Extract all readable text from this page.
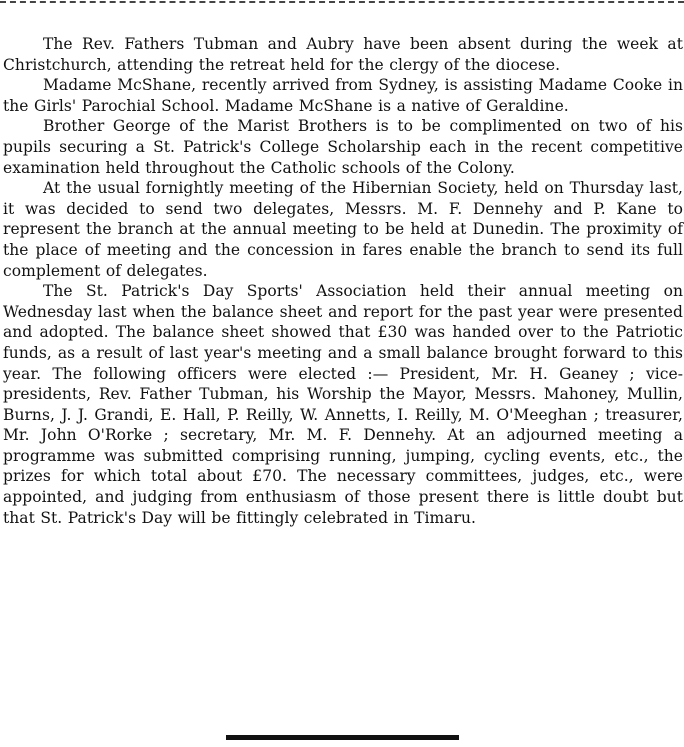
The Rev. Fathers Tubman and Aubry have been absent during the week at Christchurch, attending the retreat held for the clergy of the diocese.

Madame McShane, recently arrived from Sydney, is assisting Madame Cooke in the Girls' Parochial School. Madame McShane is a native of Geraldine.

Brother George of the Marist Brothers is to be complimented on two of his pupils securing a St. Patrick's College Scholarship each in the recent competitive examination held throughout the Catholic schools of the Colony.

At the usual fornightly meeting of the Hibernian Society, held on Thursday last, it was decided to send two delegates, Messrs. M. F. Dennehy and P. Kane to represent the branch at the annual meeting to be held at Dunedin. The proximity of the place of meeting and the concession in fares enable the branch to send its full complement of delegates.

The St. Patrick's Day Sports' Association held their annual meeting on Wednesday last when the balance sheet and report for the past year were presented and adopted. The balance sheet showed that £30 was handed over to the Patriotic funds, as a result of last year's meeting and a small balance brought forward to this year. The following officers were elected :— President, Mr. H. Geaney ; vice-presidents, Rev. Father Tubman, his Worship the Mayor, Messrs. Mahoney, Mullin, Burns, J. J. Grandi, E. Hall, P. Reilly, W. Annetts, I. Reilly, M. O'Meeghan ; treasurer, Mr. John O'Rorke ; secretary, Mr. M. F. Dennehy. At an adjourned meeting a programme was submitted comprising running, jumping, cycling events, etc., the prizes for which total about £70. The necessary committees, judges, etc., were appointed, and judging from enthusiasm of those present there is little doubt but that St. Patrick's Day will be fittingly celebrated in Timaru.
